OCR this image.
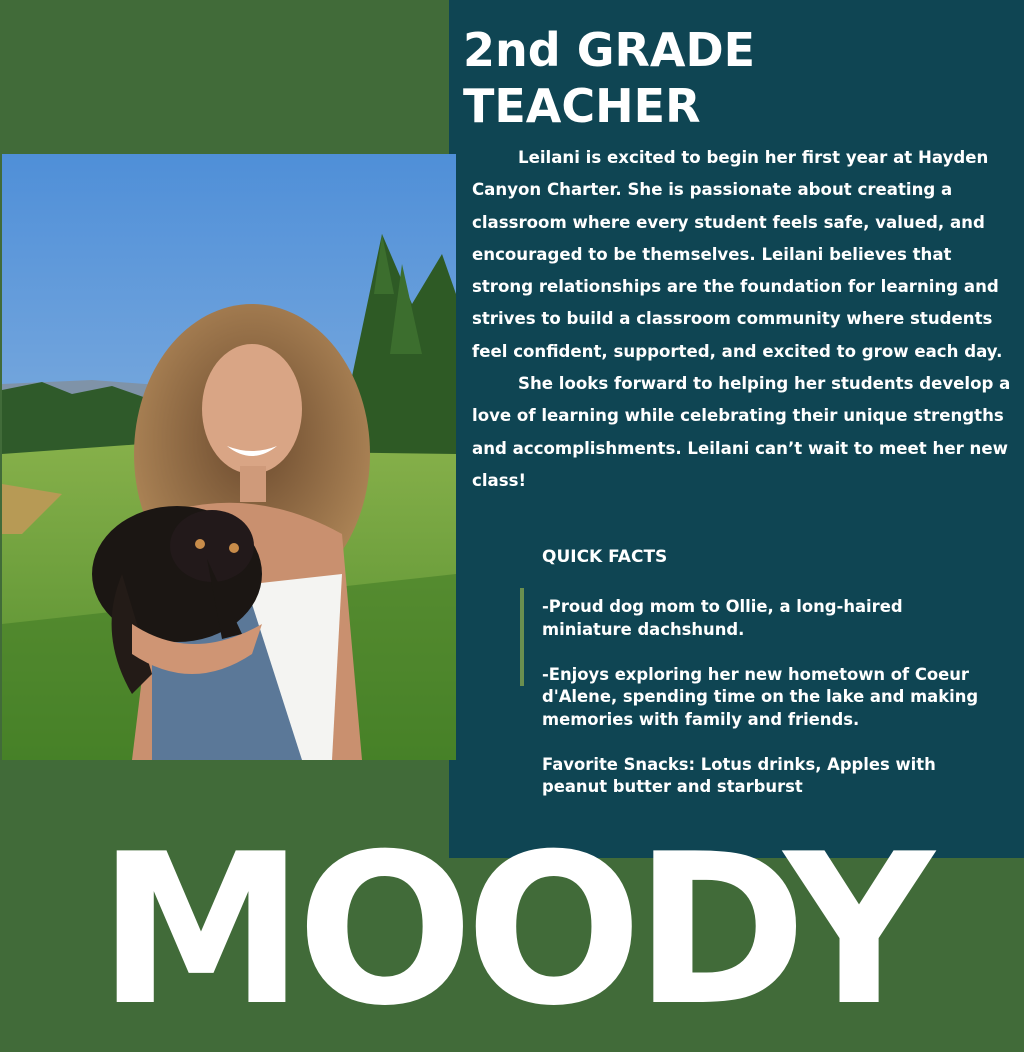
2nd GRADE
TEACHER

Leilani is excited to begin her first year at Hayden Canyon Charter. She is passionate about creating a classroom where every student feels safe, valued, and encouraged to be themselves. Leilani believes that strong relationships are the foundation for learning and strives to build a classroom community where students feel confident, supported, and excited to grow each day.

She looks forward to helping her students develop a love of learning while celebrating their unique strengths and accomplishments. Leilani can’t wait to meet her new class!

QUICK FACTS

-Proud dog mom to Ollie, a long-haired miniature dachshund.

-Enjoys exploring her new hometown of Coeur d'Alene, spending time on the lake and making memories with family and friends.

Favorite Snacks: Lotus drinks, Apples with peanut butter and starburst

MOODY
